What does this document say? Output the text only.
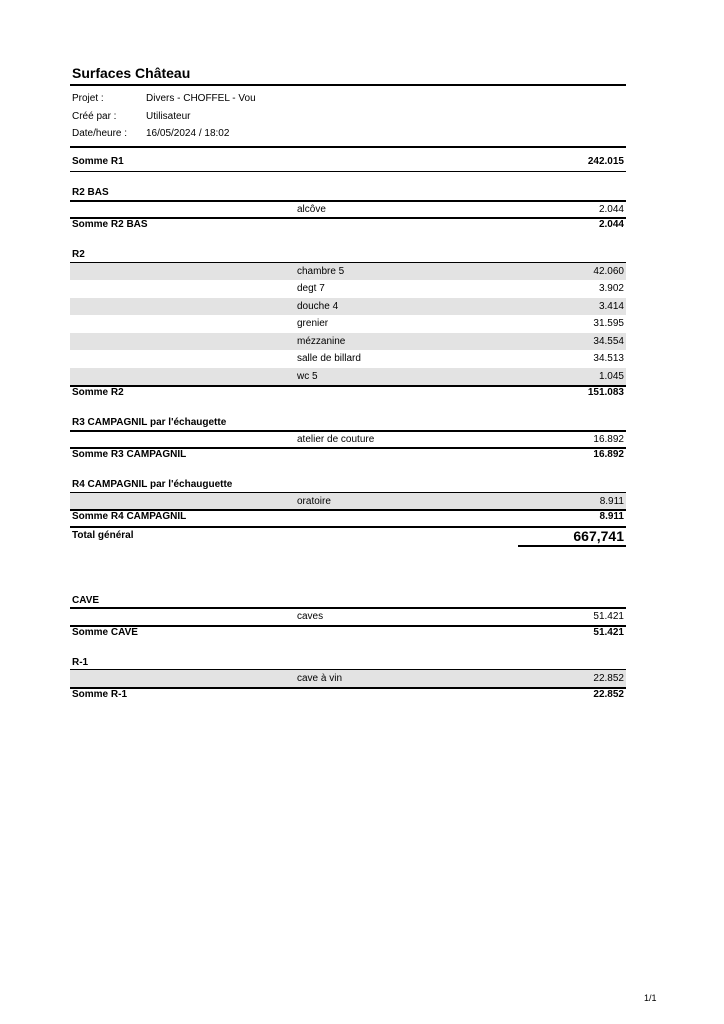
Surfaces Château
Projet :	Divers - CHOFFEL - Vou
Créé par :	Utilisateur
Date/heure :	16/05/2024 / 18:02
Somme R1	242.015
R2 BAS
alcôve	2.044
Somme R2 BAS	2.044
R2
chambre 5	42.060
degt 7	3.902
douche 4	3.414
grenier	31.595
mézzanine	34.554
salle de billard	34.513
wc 5	1.045
Somme R2	151.083
R3 CAMPAGNIL par l'échaugette
atelier de couture	16.892
Somme R3 CAMPAGNIL	16.892
R4 CAMPAGNIL par l'échauguette
oratoire	8.911
Somme R4 CAMPAGNIL	8.911
Total général	667,741
CAVE
caves	51.421
Somme CAVE	51.421
R-1
cave à vin	22.852
Somme R-1	22.852
1/1
